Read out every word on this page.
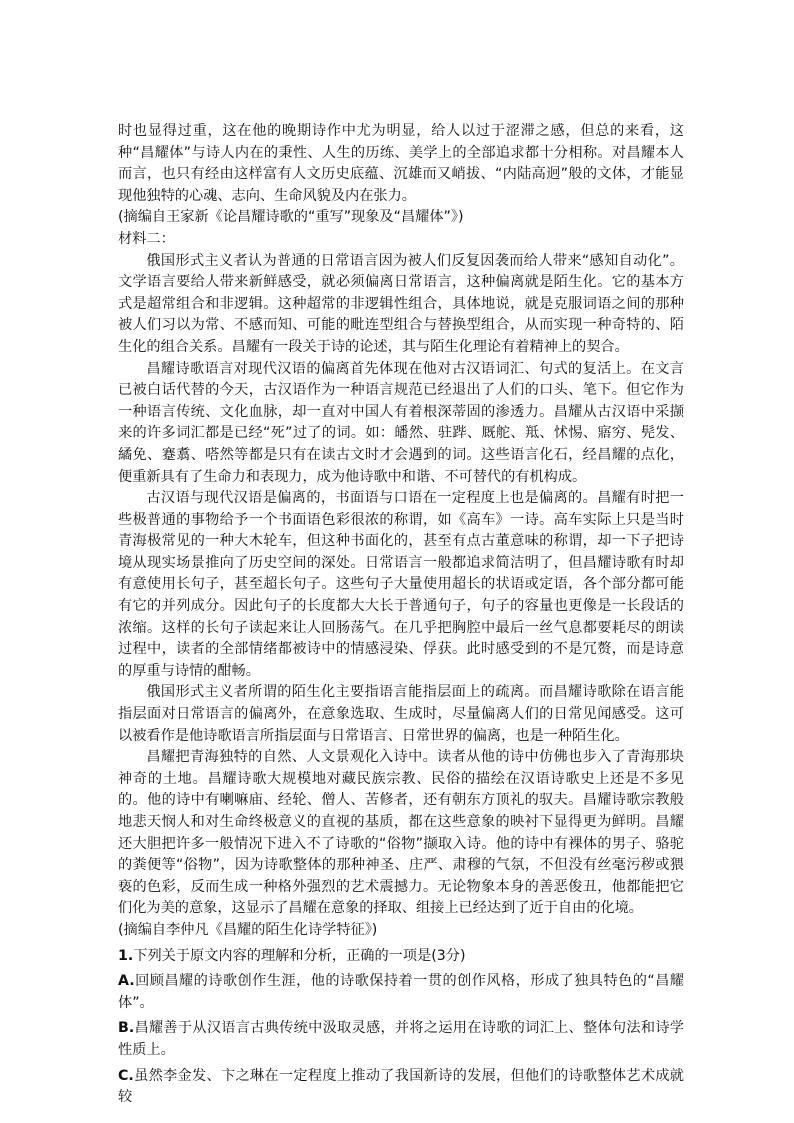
时也显得过重，这在他的晚期诗作中尤为明显，给人以过于涩滞之感，但总的来看，这种“昌耀体”与诗人内在的秉性、人生的历练、美学上的全部追求都十分相称。对昌耀本人而言，也只有经由这样富有人文历史底蕴、沉雄而又峭拔、“内陆高迥”般的文体，才能显现他独特的心魂、志向、生命风貌及内在张力。

(摘编自王家新《论昌耀诗歌的“重写”现象及“昌耀体”》)

材料二：

俄国形式主义者认为普通的日常语言因为被人们反复因袭而给人带来“感知自动化”。文学语言要给人带来新鲜感受，就必须偏离日常语言，这种偏离就是陌生化。它的基本方式是超常组合和非逻辑。这种超常的非逻辑性组合，具体地说，就是克服词语之间的那种被人们习以为常、不感而知、可能的毗连型组合与替换型组合，从而实现一种奇特的、陌生化的组合关系。昌耀有一段关于诗的论述，其与陌生化理论有着精神上的契合。

昌耀诗歌语言对现代汉语的偏离首先体现在他对古汉语词汇、句式的复活上。在文言已被白话代替的今天，古汉语作为一种语言规范已经退出了人们的口头、笔下。但它作为一种语言传统、文化血脉，却一直对中国人有着根深蒂固的渗透力。昌耀从古汉语中采撷来的许多词汇都是已经“死”过了的词。如：皤然、驻跸、厩舵、羝、怵惕、寤穷、髡发、繘免、蹇翥、嗒然等都是只有在读古文时才会遇到的词。这些语言化石，经昌耀的点化，便重新具有了生命力和表现力，成为他诗歌中和谐、不可替代的有机构成。

古汉语与现代汉语是偏离的，书面语与口语在一定程度上也是偏离的。昌耀有时把一些极普通的事物给予一个书面语色彩很浓的称谓，如《高车》一诗。高车实际上只是当时青海极常见的一种大木轮车，但这种书面化的，甚至有点古董意味的称谓，却一下子把诗境从现实场景推向了历史空间的深处。日常语言一般都追求简洁明了，但昌耀诗歌有时却有意使用长句子，甚至超长句子。这些句子大量使用超长的状语或定语，各个部分都可能有它的并列成分。因此句子的长度都大大长于普通句子，句子的容量也更像是一长段话的浓缩。这样的长句子读起来让人回肠荡气。在几乎把胸腔中最后一丝气息都要耗尽的朗读过程中，读者的全部情绪都被诗中的情感浸染、俘获。此时感受到的不是冗赘，而是诗意的厚重与诗情的酣畅。

俄国形式主义者所谓的陌生化主要指语言能指层面上的疏离。而昌耀诗歌除在语言能指层面对日常语言的偏离外，在意象选取、生成时，尽量偏离人们的日常见闻感受。这可以被看作是他诗歌语言所指层面与日常语言、日常世界的偏离，也是一种陌生化。

昌耀把青海独特的自然、人文景观化入诗中。读者从他的诗中仿佛也步入了青海那块神奇的土地。昌耀诗歌大规模地对藏民族宗教、民俗的描绘在汉语诗歌史上还是不多见的。他的诗中有喇嘛庙、经轮、僧人、苦修者，还有朝东方顶礼的驭夫。昌耀诗歌宗教般地悲天悯人和对生命终极意义的直视的基质，都在这些意象的映衬下显得更为鲜明。昌耀还大胆把许多一般情况下进入不了诗歌的“俗物”撷取入诗。他的诗中有裸体的男子、骆驼的粪便等“俗物”，因为诗歌整体的那种神圣、庄严、肃穆的气氛，不但没有丝毫污秽或猥亵的色彩，反而生成一种格外强烈的艺术震撼力。无论物象本身的善恶俊丑，他都能把它们化为美的意象，这显示了昌耀在意象的择取、组接上已经达到了近于自由的化境。

(摘编自李仲凡《昌耀的陌生化诗学特征》)

1.下列关于原文内容的理解和分析，正确的一项是(3分)

A.回顾昌耀的诗歌创作生涯，他的诗歌保持着一贯的创作风格，形成了独具特色的“昌耀体”。

B.昌耀善于从汉语言古典传统中汲取灵感，并将之运用在诗歌的词汇上、整体句法和诗学性质上。

C.虽然李金发、卞之琳在一定程度上推动了我国新诗的发展，但他们的诗歌整体艺术成就较
